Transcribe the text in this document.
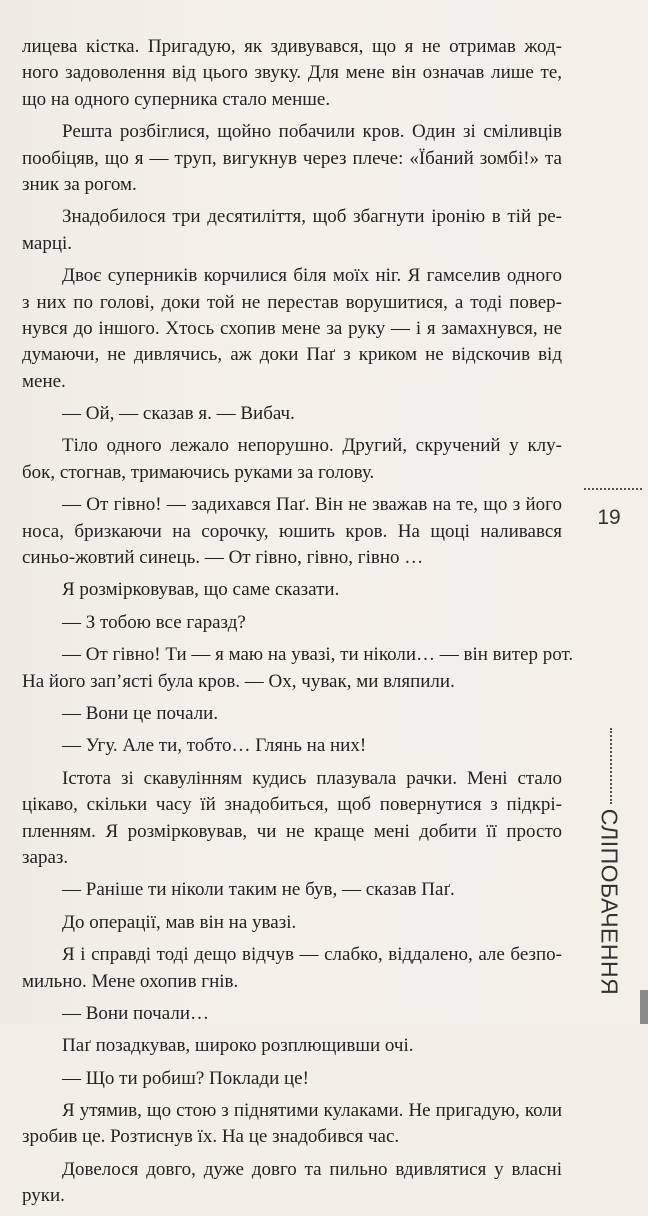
лицева кістка. Пригадую, як здивувався, що я не отримав жод-
ного задоволення від цього звуку. Для мене він означав лише те,
що на одного суперника стало менше.
Решта розбіглися, щойно побачили кров. Один зі сміливців
пообіцяв, що я — труп, вигукнув через плече: «Їбаний зомбі!» та
зник за рогом.
Знадобилося три десятиліття, щоб збагнути іронію в тій ре-
марці.
Двоє суперників корчилися біля моїх ніг. Я гамселив одного
з них по голові, доки той не перестав ворушитися, а тоді повер-
нувся до іншого. Хтось схопив мене за руку — і я замахнувся, не
думаючи, не дивлячись, аж доки Паґ з криком не відскочив від
мене.
— Ой, — сказав я. — Вибач.
Тіло одного лежало непорушно. Другий, скручений у клу-
бок, стогнав, тримаючись руками за голову.
— От гівно! — задихався Паґ. Він не зважав на те, що з його
носа, бризкаючи на сорочку, юшить кров. На щоці наливався
синьо-жовтий синець. — От гівно, гівно, гівно …
Я розмірковував, що саме сказати.
— З тобою все гаразд?
— От гівно! Ти — я маю на увазі, ти ніколи… — він витер рот.
На його зап’ясті була кров. — Ох, чувак, ми вляпили.
— Вони це почали.
— Угу. Але ти, тобто… Глянь на них!
Істота зі скавулінням кудись плазувала рачки. Мені стало
цікаво, скільки часу їй знадобиться, щоб повернутися з підкрі-
пленням. Я розмірковував, чи не краще мені добити її просто
зараз.
— Раніше ти ніколи таким не був, — сказав Паґ.
До операції, мав він на увазі.
Я і справді тоді дещо відчув — слабко, віддалено, але безпо-
мильно. Мене охопив гнів.
— Вони почали…
Паґ позадкував, широко розплющивши очі.
— Що ти робиш? Поклади це!
Я утямив, що стою з піднятими кулаками. Не пригадую, коли
зробив це. Розтиснув їх. На це знадобився час.
Довелося довго, дуже довго та пильно вдивлятися у власні
руки.
19
СЛІПОБАЧЕННЯ
